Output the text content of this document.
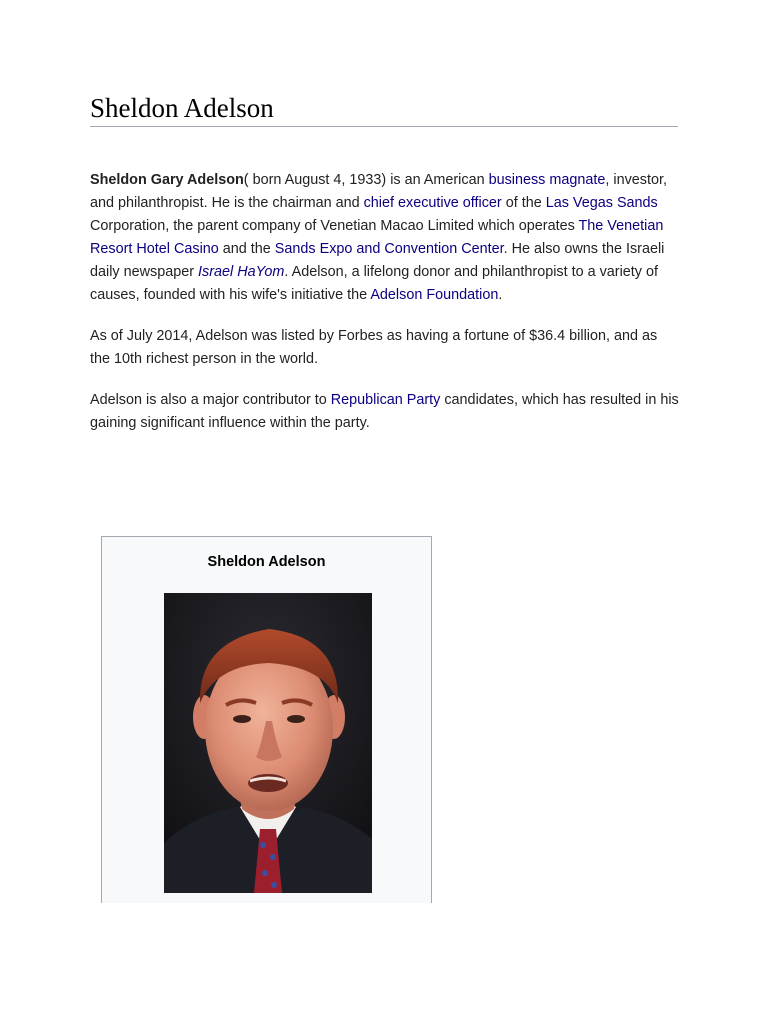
Sheldon Adelson

Sheldon Gary Adelson( born August 4, 1933) is an American business magnate, investor, and philanthropist. He is the chairman and chief executive officer of the Las Vegas Sands Corporation, the parent company of Venetian Macao Limited which operates The Venetian Resort Hotel Casino and the Sands Expo and Convention Center. He also owns the Israeli daily newspaper Israel HaYom. Adelson, a lifelong donor and philanthropist to a variety of causes, founded with his wife's initiative the Adelson Foundation.

As of July 2014, Adelson was listed by Forbes as having a fortune of $36.4 billion, and as the 10th richest person in the world.

Adelson is also a major contributor to Republican Party candidates, which has resulted in his gaining significant influence within the party.

Sheldon Adelson
